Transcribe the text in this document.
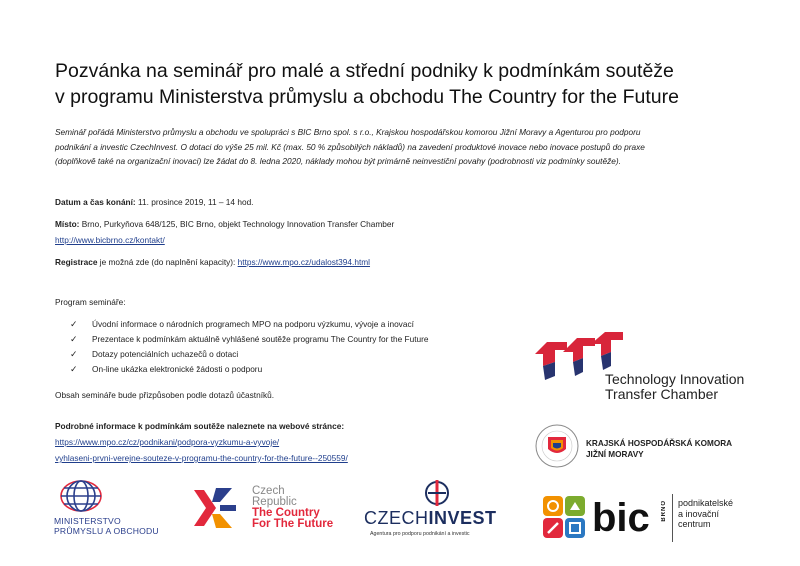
Pozvánka na seminář pro malé a střední podniky k podmínkám soutěže
v programu Ministerstva průmyslu a obchodu The Country for the Future
Seminář pořádá Ministerstvo průmyslu a obchodu ve spolupráci s BIC Brno spol. s r.o., Krajskou hospodářskou komorou Jižní Moravy a Agenturou pro podporu
podnikání a investic CzechInvest. O dotaci do výše 25 mil. Kč (max. 50 % způsobilých nákladů) na zavedení produktové inovace nebo inovace postupů do praxe
(doplňkově také na organizační inovaci) lze žádat do 8. ledna 2020, náklady mohou být primárně neinvestiční povahy (podrobnosti viz podmínky soutěže).
Datum a čas konání: 11. prosince 2019, 11 – 14 hod.
Místo: Brno, Purkyňova 648/125, BIC Brno, objekt Technology Innovation Transfer Chamber
http://www.bicbrno.cz/kontakt/
Registrace je možná zde (do naplnění kapacity): https://www.mpo.cz/udalost394.html
Program semináře:
✓ Úvodní informace o národních programech MPO na podporu výzkumu, vývoje a inovací
✓ Prezentace k podmínkám aktuálně vyhlášené soutěže programu The Country for the Future
✓ Dotazy potenciálních uchazečů o dotaci
✓ On-line ukázka elektronické žádosti o podporu
Obsah semináře bude přizpůsoben podle dotazů účastníků.
Podrobné informace k podmínkám soutěže naleznete na webové stránce:
https://www.mpo.cz/cz/podnikani/podpora-vyzkumu-a-vyvoje/
vyhlaseni-prvni-verejne-souteze-v-programu-the-country-for-the-future--250559/
Technology Innovation
Transfer Chamber
KRAJSKÁ HOSPODÁŘSKÁ KOMORA
JIŽNÍ MORAVY
MINISTERSTVO
PRŮMYSLU A OBCHODU
Czech
Republic
The Country
For The Future CZECHINVEST
Agentura pro podporu podnikání a investic	bic BRNO podnikatelské
a inovační
centrum
